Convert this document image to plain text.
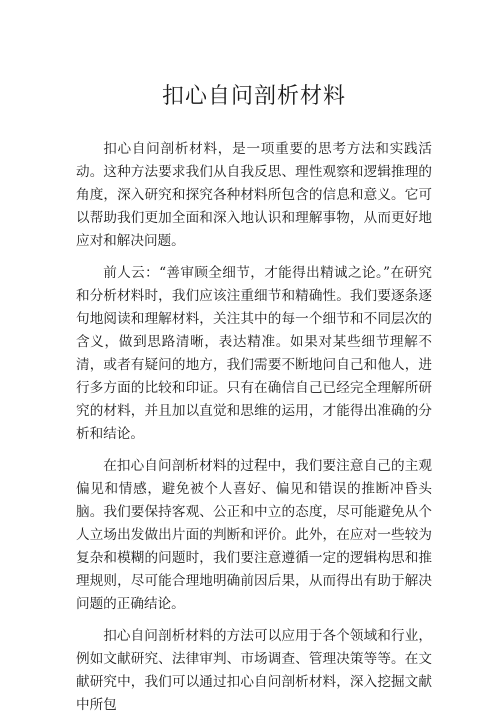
扣心自问剖析材料

扣心自问剖析材料，是一项重要的思考方法和实践活动。这种方法要求我们从自我反思、理性观察和逻辑推理的角度，深入研究和探究各种材料所包含的信息和意义。它可以帮助我们更加全面和深入地认识和理解事物，从而更好地应对和解决问题。

前人云：“善审顾全细节，才能得出精诚之论。”在研究和分析材料时，我们应该注重细节和精确性。我们要逐条逐句地阅读和理解材料，关注其中的每一个细节和不同层次的含义，做到思路清晰，表达精准。如果对某些细节理解不清，或者有疑问的地方，我们需要不断地问自己和他人，进行多方面的比较和印证。只有在确信自己已经完全理解所研究的材料，并且加以直觉和思维的运用，才能得出准确的分析和结论。

在扣心自问剖析材料的过程中，我们要注意自己的主观偏见和情感，避免被个人喜好、偏见和错误的推断冲昏头脑。我们要保持客观、公正和中立的态度，尽可能避免从个人立场出发做出片面的判断和评价。此外，在应对一些较为复杂和模糊的问题时，我们要注意遵循一定的逻辑构思和推理规则，尽可能合理地明确前因后果，从而得出有助于解决问题的正确结论。

扣心自问剖析材料的方法可以应用于各个领域和行业，例如文献研究、法律审判、市场调查、管理决策等等。在文献研究中，我们可以通过扣心自问剖析材料，深入挖掘文献中所包
